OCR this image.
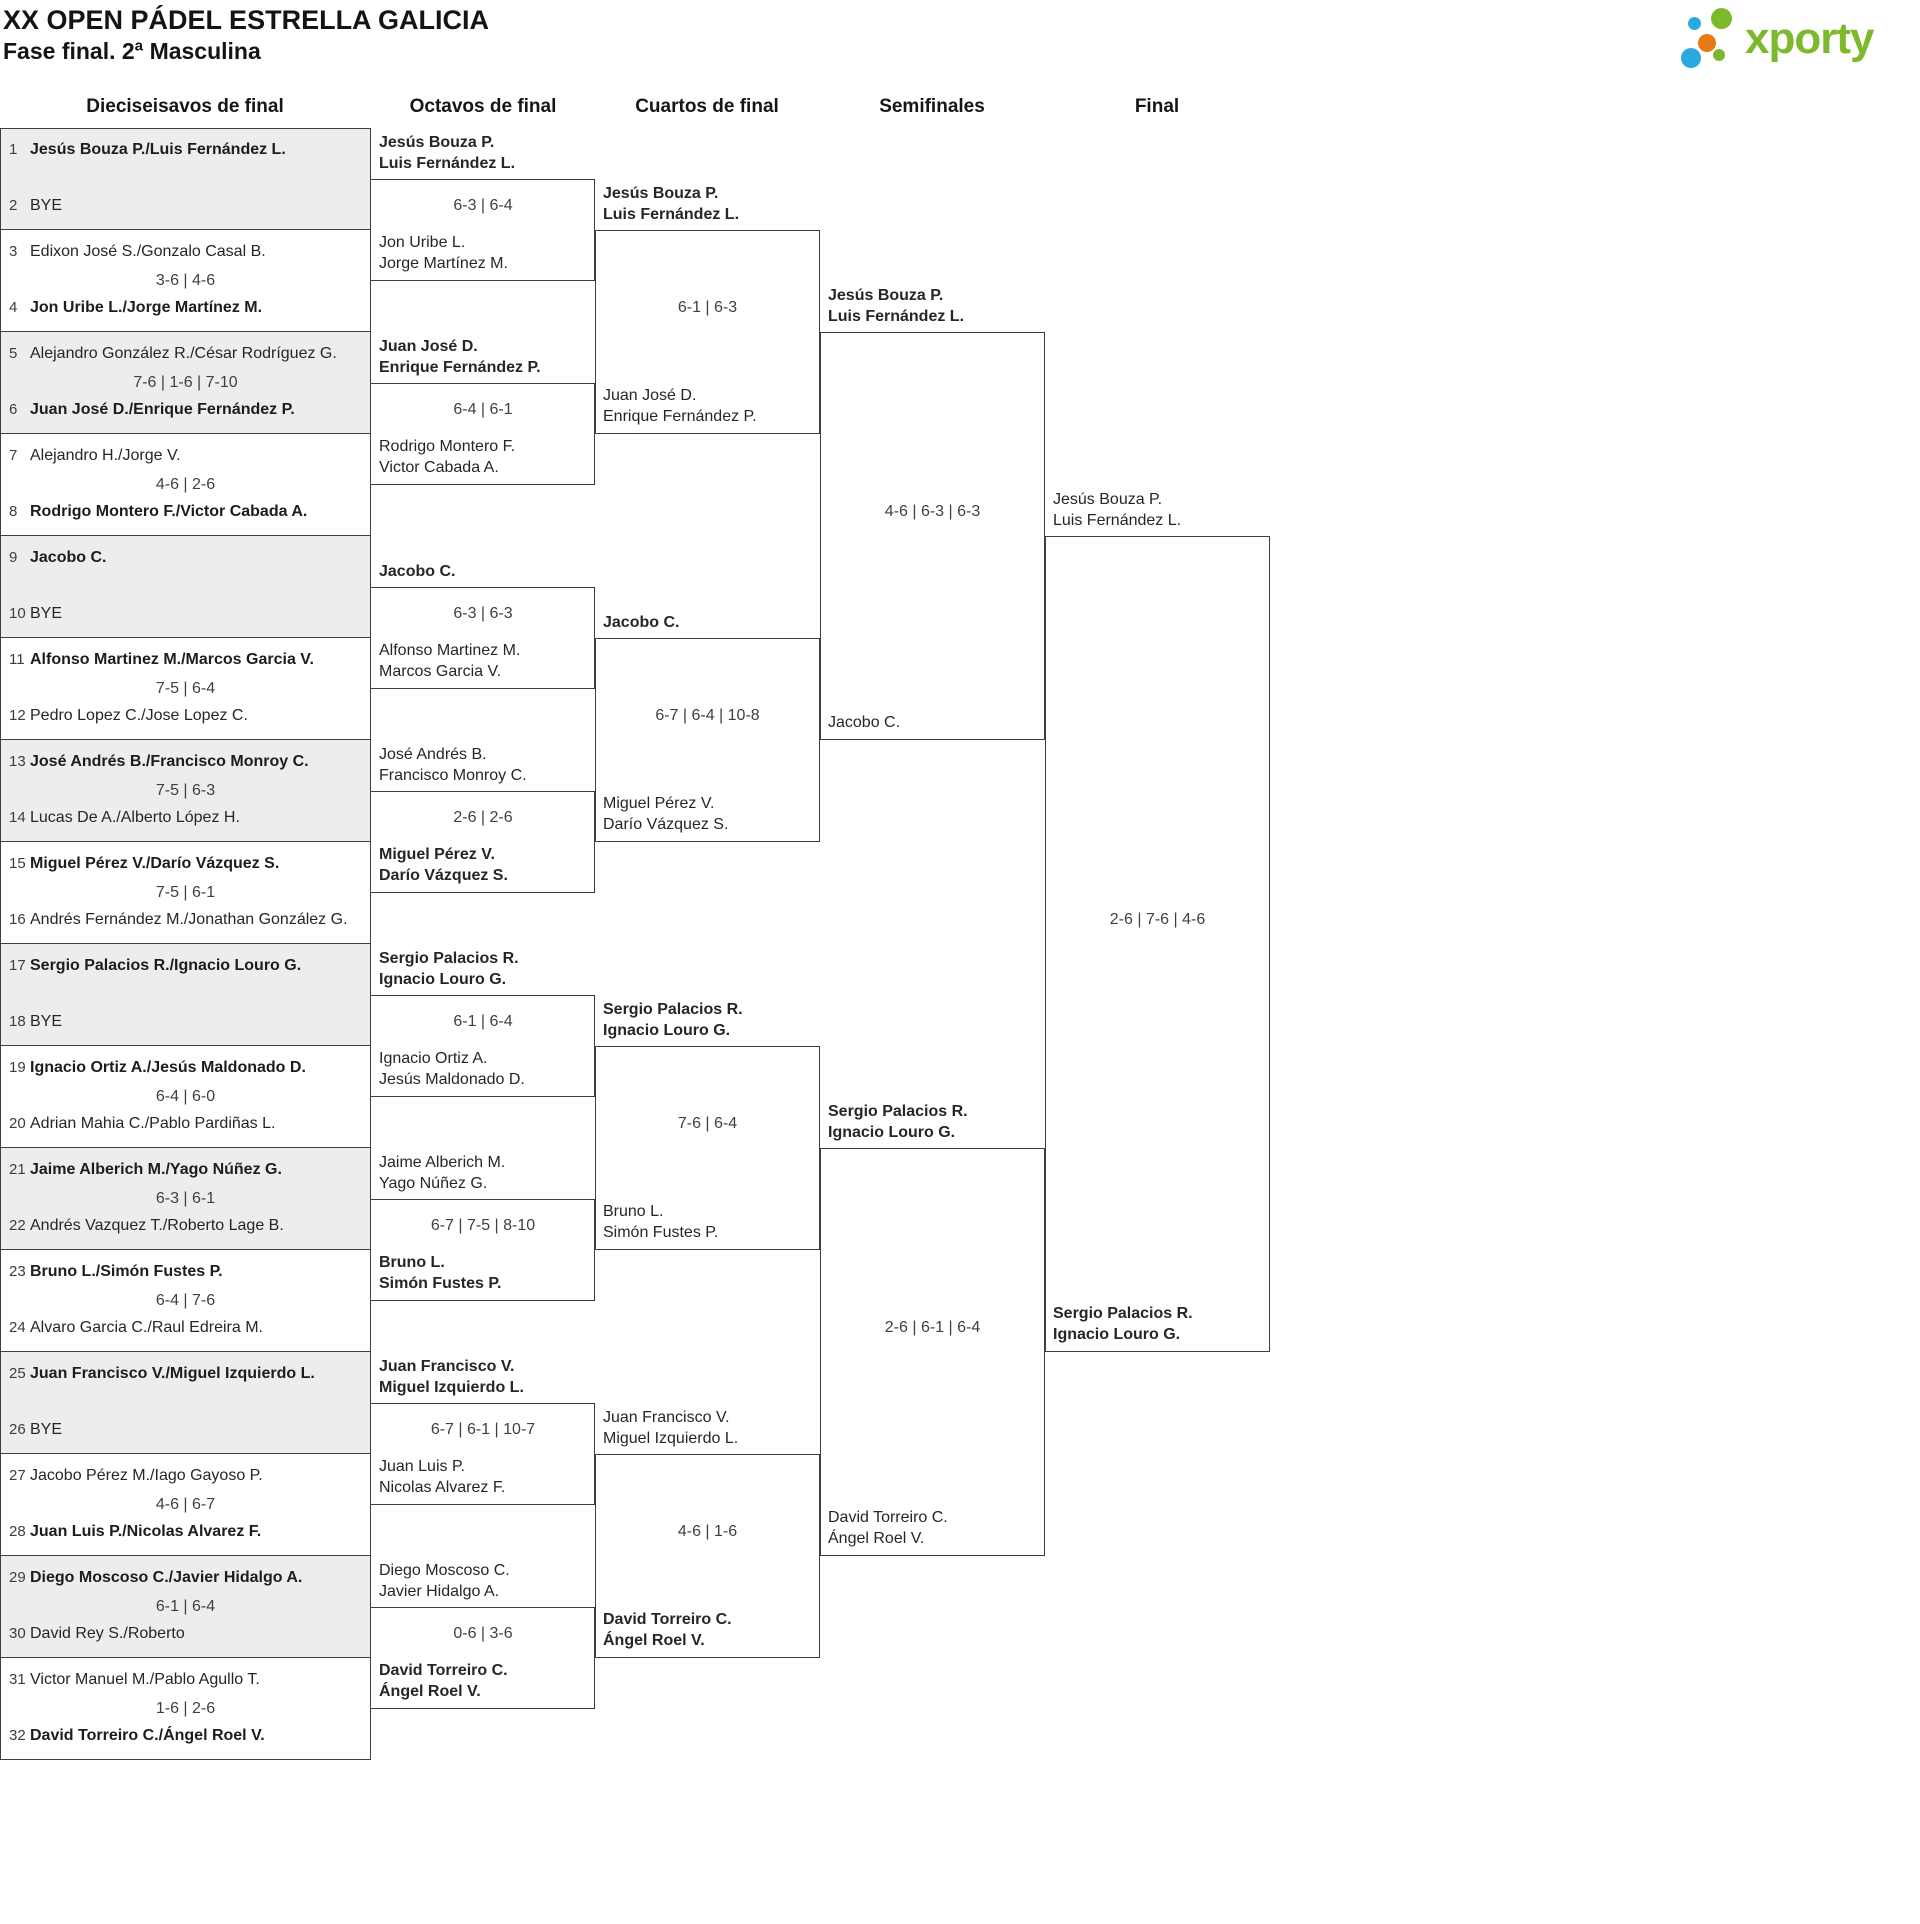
XX OPEN PÁDEL ESTRELLA GALICIA
Fase final. 2ª Masculina	xporty
Dieciseisavos de final	Octavos de final	Cuartos de final	Semifinales	Final
1 Jesús Bouza P./Luis Fernández L.
2 BYE
3 Edixon José S./Gonzalo Casal B.
3-6 | 4-6
4 Jon Uribe L./Jorge Martínez M.
5 Alejandro González R./César Rodríguez G.
7-6 | 1-6 | 7-10
6 Juan José D./Enrique Fernández P.
7 Alejandro H./Jorge V.
4-6 | 2-6
8 Rodrigo Montero F./Victor Cabada A.
9 Jacobo C.
10 BYE
11 Alfonso Martinez M./Marcos Garcia V.
7-5 | 6-4
12 Pedro Lopez C./Jose Lopez C.
13 José Andrés B./Francisco Monroy C.
7-5 | 6-3
14 Lucas De A./Alberto López H.
15 Miguel Pérez V./Darío Vázquez S.
7-5 | 6-1
16 Andrés Fernández M./Jonathan González G.
17 Sergio Palacios R./Ignacio Louro G.
18 BYE
19 Ignacio Ortiz A./Jesús Maldonado D.
6-4 | 6-0
20 Adrian Mahia C./Pablo Pardiñas L.
21 Jaime Alberich M./Yago Núñez G.
6-3 | 6-1
22 Andrés Vazquez T./Roberto Lage B.
23 Bruno L./Simón Fustes P.
6-4 | 7-6
24 Alvaro Garcia C./Raul Edreira M.
25 Juan Francisco V./Miguel Izquierdo L.
26 BYE
27 Jacobo Pérez M./Iago Gayoso P.
4-6 | 6-7
28 Juan Luis P./Nicolas Alvarez F.
29 Diego Moscoso C./Javier Hidalgo A.
6-1 | 6-4
30 David Rey S./Roberto
31 Victor Manuel M./Pablo Agullo T.
1-6 | 2-6
32 David Torreiro C./Ángel Roel V.
Jesús Bouza P.
Luis Fernández L.
6-3 | 6-4
Jon Uribe L.
Jorge Martínez M.
Juan José D.
Enrique Fernández P.
6-4 | 6-1
Rodrigo Montero F.
Victor Cabada A.
Jacobo C.
6-3 | 6-3
Alfonso Martinez M.
Marcos Garcia V.
José Andrés B.
Francisco Monroy C.
2-6 | 2-6
Miguel Pérez V.
Darío Vázquez S.
Sergio Palacios R.
Ignacio Louro G.
6-1 | 6-4
Ignacio Ortiz A.
Jesús Maldonado D.
Jaime Alberich M.
Yago Núñez G.
6-7 | 7-5 | 8-10
Bruno L.
Simón Fustes P.
Juan Francisco V.
Miguel Izquierdo L.
6-7 | 6-1 | 10-7
Juan Luis P.
Nicolas Alvarez F.
Diego Moscoso C.
Javier Hidalgo A.
0-6 | 3-6
David Torreiro C.
Ángel Roel V.
Jesús Bouza P.
Luis Fernández L.
6-1 | 6-3
Juan José D.
Enrique Fernández P.
Jacobo C.
6-7 | 6-4 | 10-8
Miguel Pérez V.
Darío Vázquez S.
Sergio Palacios R.
Ignacio Louro G.
7-6 | 6-4
Bruno L.
Simón Fustes P.
Juan Francisco V.
Miguel Izquierdo L.
4-6 | 1-6
David Torreiro C.
Ángel Roel V.
Jesús Bouza P.
Luis Fernández L.
4-6 | 6-3 | 6-3
Jacobo C.
Sergio Palacios R.
Ignacio Louro G.
2-6 | 6-1 | 6-4
David Torreiro C.
Ángel Roel V.
Jesús Bouza P.
Luis Fernández L.
2-6 | 7-6 | 4-6
Sergio Palacios R.
Ignacio Louro G.
